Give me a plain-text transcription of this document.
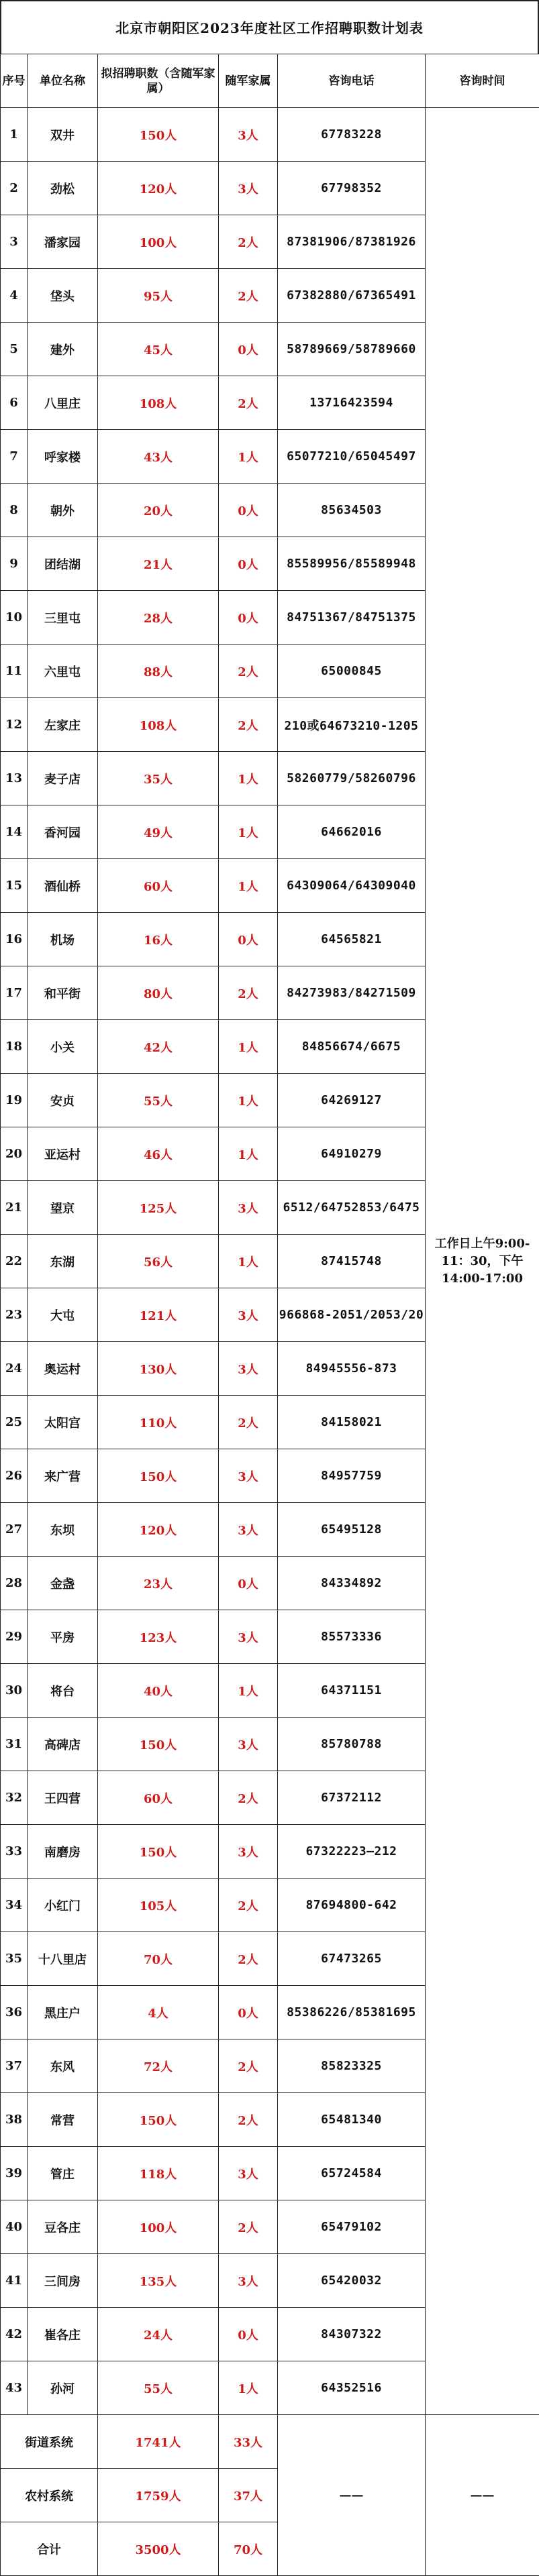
北京市朝阳区2023年度社区工作招聘职数计划表
序号	单位名称	拟招聘职数（含随军家属）	随军家属	咨询电话	咨询时间
1	双井	150人	3人	67783228	工作日上午9:00-11：30，下午14:00-17:00
2	劲松	120人	3人	67798352	
3	潘家园	100人	2人	87381906/87381926	
4	垡头	95人	2人	67382880/67365491	
5	建外	45人	0人	58789669/58789660	
6	八里庄	108人	2人	13716423594	
7	呼家楼	43人	1人	65077210/65045497	
8	朝外	20人	0人	85634503	
9	团结湖	21人	0人	85589956/85589948	
10	三里屯	28人	0人	84751367/84751375	
11	六里屯	88人	2人	65000845	
12	左家庄	108人	2人	210或64673210-1205	
13	麦子店	35人	1人	58260779/58260796	
14	香河园	49人	1人	64662016	
15	酒仙桥	60人	1人	64309064/64309040	
16	机场	16人	0人	64565821	
17	和平街	80人	2人	84273983/84271509	
18	小关	42人	1人	84856674/6675	
19	安贞	55人	1人	64269127	
20	亚运村	46人	1人	64910279	
21	望京	125人	3人	6512/64752853/6475	
22	东湖	56人	1人	87415748	
23	大屯	121人	3人	966868-2051/2053/20	
24	奥运村	130人	3人	84945556-873	
25	太阳宫	110人	2人	84158021	
26	来广营	150人	3人	84957759	
27	东坝	120人	3人	65495128	
28	金盏	23人	0人	84334892	
29	平房	123人	3人	85573336	
30	将台	40人	1人	64371151	
31	高碑店	150人	3人	85780788	
32	王四营	60人	2人	67372112	
33	南磨房	150人	3人	67322223—212	
34	小红门	105人	2人	87694800-642	
35	十八里店	70人	2人	67473265	
36	黑庄户	4人	0人	85386226/85381695	
37	东风	72人	2人	85823325	
38	常营	150人	2人	65481340	
39	管庄	118人	3人	65724584	
40	豆各庄	100人	2人	65479102	
41	三间房	135人	3人	65420032	
42	崔各庄	24人	0人	84307322	
43	孙河	55人	1人	64352516	
街道系统		1741人	33人	——	——
农村系统		1759人	37人		
合计		3500人	70人		
